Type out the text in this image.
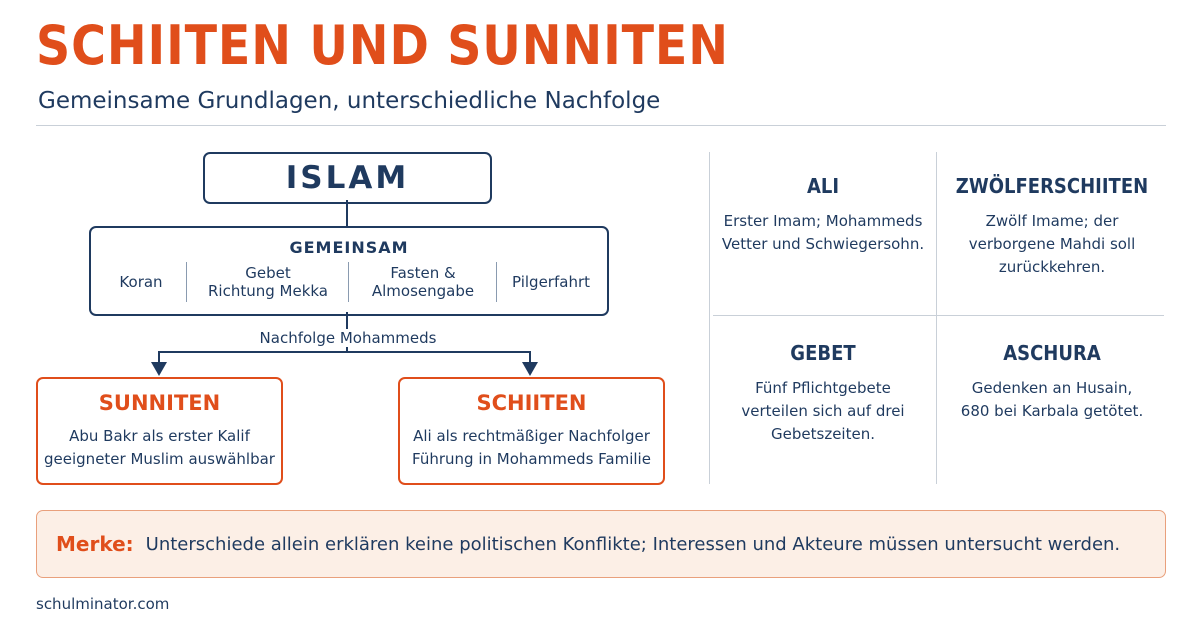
SCHIITEN UND SUNNITEN
Gemeinsame Grundlagen, unterschiedliche Nachfolge
ISLAM
GEMEINSAM
Koran	Gebet
Richtung Mekka
Fasten &
Almosengabe	Pilgerfahrt
Nachfolge Mohammeds
SUNNITEN
Abu Bakr als erster Kalif
geeigneter Muslim auswählbar
SCHIITEN
Ali als rechtmäßiger Nachfolger
Führung in Mohammeds Familie
ALI
Erster Imam; Mohammeds
Vetter und Schwiegersohn.
ZWÖLFERSCHIITEN
Zwölf Imame; der
verborgene Mahdi soll
zurückkehren.
GEBET
Fünf Pflichtgebete
verteilen sich auf drei
Gebetszeiten.
ASCHURA
Gedenken an Husain,
680 bei Karbala getötet.
Merke: Unterschiede allein erklären keine politischen Konflikte; Interessen und Akteure müssen untersucht werden.
schulminator.com
